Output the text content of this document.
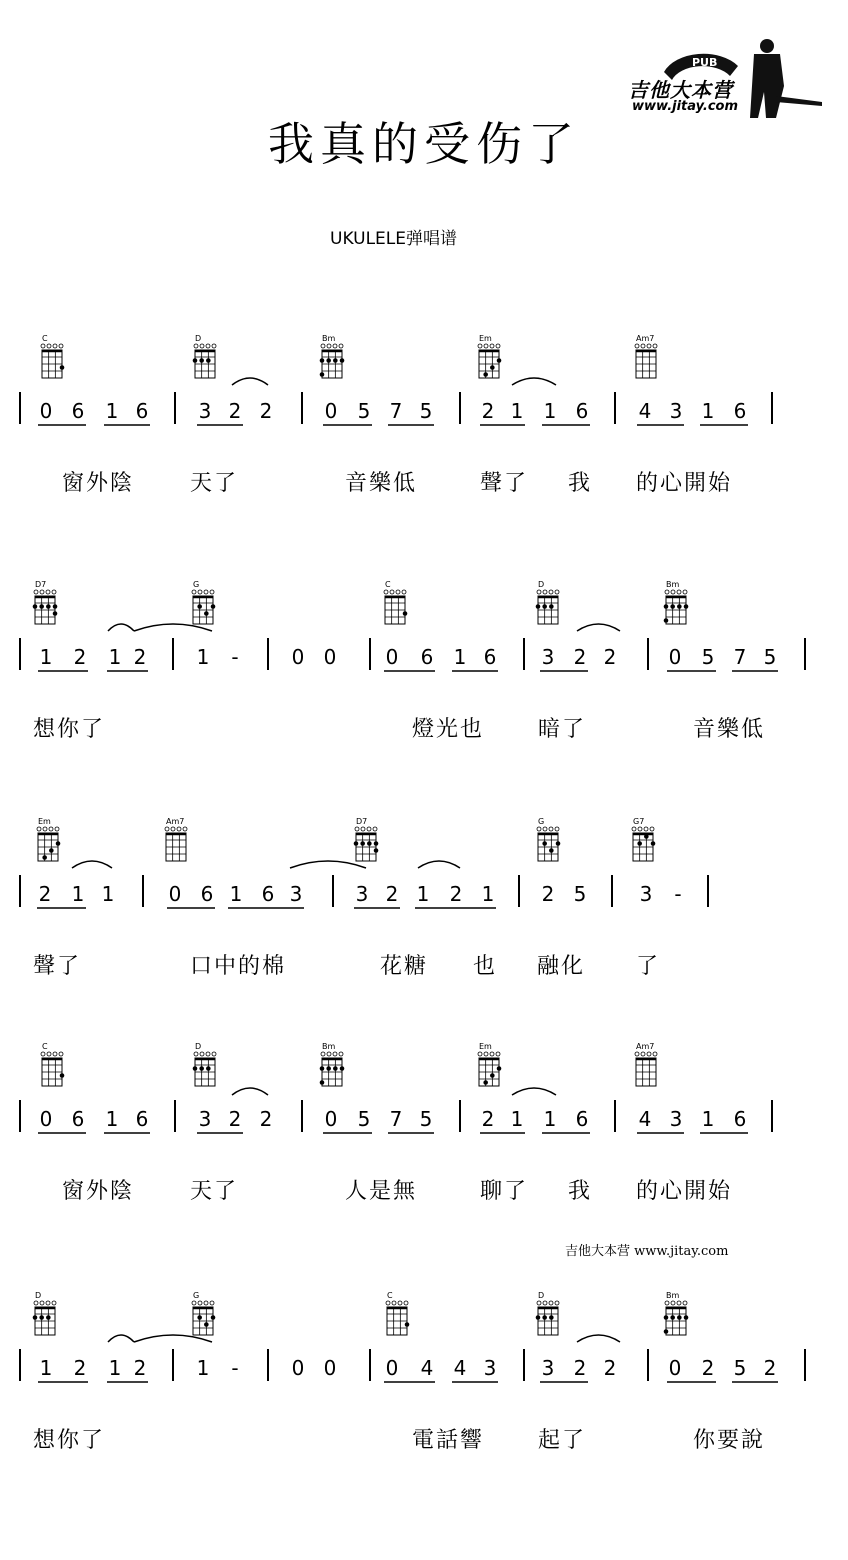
我真的受伤了
UKULELE弹唱谱
PUB
吉他大本营
www.jitay.com
吉他大本营 www.jitay.com
C	D	Bm	Em	Am7
0 6 1 6	3 2 2	0 5 7 5 2 1 1 6	4 3 1 6
窗外陰	天了	音樂低	聲了 我 的心開始
D7	G	C	D	Bm
1 2 1 2	1 -	0 0 0 6 1 6 3 2 2	0 5 7 5
想你了	燈光也 暗了	音樂低
Em	Am7	D7	G	G7
2 1 1	0 6 1 6 3	3 2 1 2 1 2 5	3 -
聲了	口中的棉	花糖 也 融化 了
C	D	Bm	Em	Am7
0 6 1 6	3 2 2	0 5 7 5 2 1 1 6	4 3 1 6
窗外陰	天了	人是無	聊了 我 的心開始
D	G	C	D	Bm
1 2 1 2	1 -	0 0 0 4 4 3 3 2 2	0 2 5 2
想你了	電話響 起了	你要說
